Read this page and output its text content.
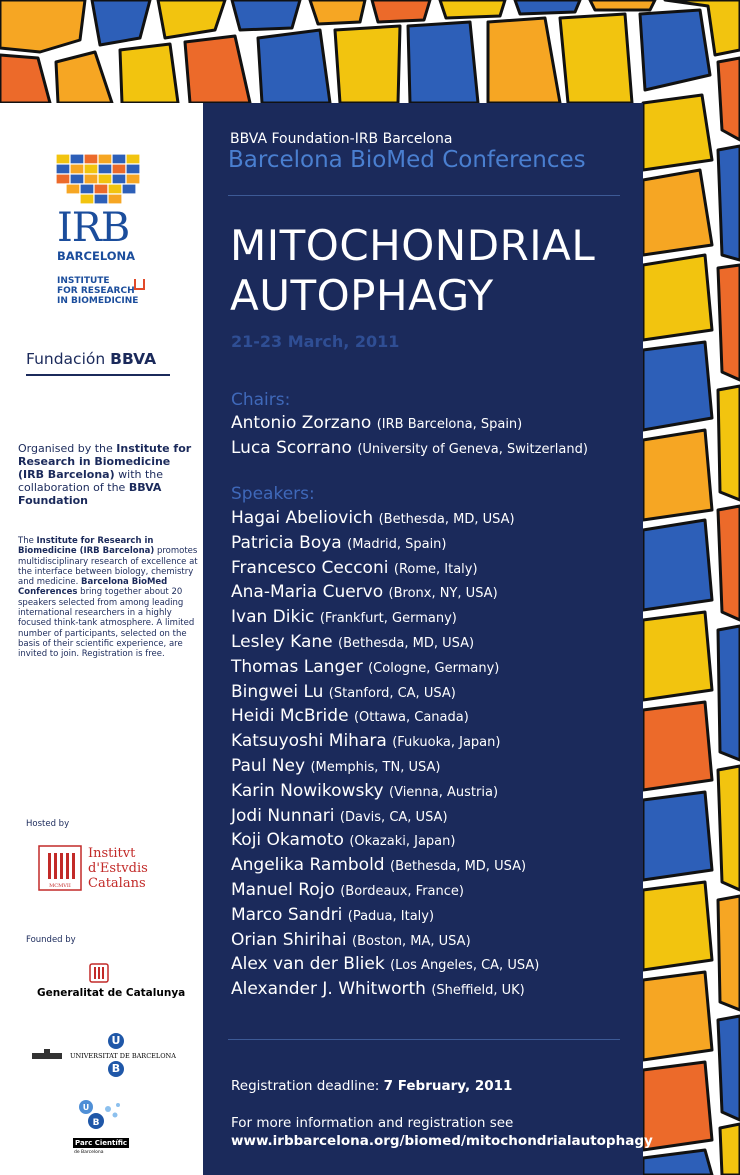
IRB
BARCELONA
INSTITUTE
FOR RESEARCH
IN BIOMEDICINE
Fundación BBVA
Organised by the Institute for Research in Biomedicine (IRB Barcelona) with the collaboration of the BBVA Foundation
The Institute for Research in Biomedicine (IRB Barcelona) promotes multidisciplinary research of excellence at the interface between biology, chemistry and medicine. Barcelona BioMed Conferences bring together about 20 speakers selected from among leading international researchers in a highly focused think-tank atmosphere. A limited number of participants, selected on the basis of their scientific experience, are invited to join. Registration is free.
Hosted by
MCMVII
Institvt
d'Estvdis
Catalans
Founded by
Generalitat de Catalunya
UNIVERSITAT DE BARCELONA
U
B
U
B
Parc Científic
de Barcelona
BBVA Foundation-IRB Barcelona
Barcelona BioMed Conferences
MITOCHONDRIAL
AUTOPHAGY
21-23 March, 2011
Chairs:
Antonio Zorzano (IRB Barcelona, Spain)
Luca Scorrano (University of Geneva, Switzerland)
Speakers:
Hagai Abeliovich (Bethesda, MD, USA)
Patricia Boya (Madrid, Spain)
Francesco Cecconi (Rome, Italy)
Ana-Maria Cuervo (Bronx, NY, USA)
Ivan Dikic (Frankfurt, Germany)
Lesley Kane (Bethesda, MD, USA)
Thomas Langer (Cologne, Germany)
Bingwei Lu (Stanford, CA, USA)
Heidi McBride (Ottawa, Canada)
Katsuyoshi Mihara (Fukuoka, Japan)
Paul Ney (Memphis, TN, USA)
Karin Nowikowsky (Vienna, Austria)
Jodi Nunnari (Davis, CA, USA)
Koji Okamoto (Okazaki, Japan)
Angelika Rambold (Bethesda, MD, USA)
Manuel Rojo (Bordeaux, France)
Marco Sandri (Padua, Italy)
Orian Shirihai (Boston, MA, USA)
Alex van der Bliek (Los Angeles, CA, USA)
Alexander J. Whitworth (Sheffield, UK)
Registration deadline: 7 February, 2011
For more information and registration see
www.irbbarcelona.org/biomed/mitochondrialautophagy
